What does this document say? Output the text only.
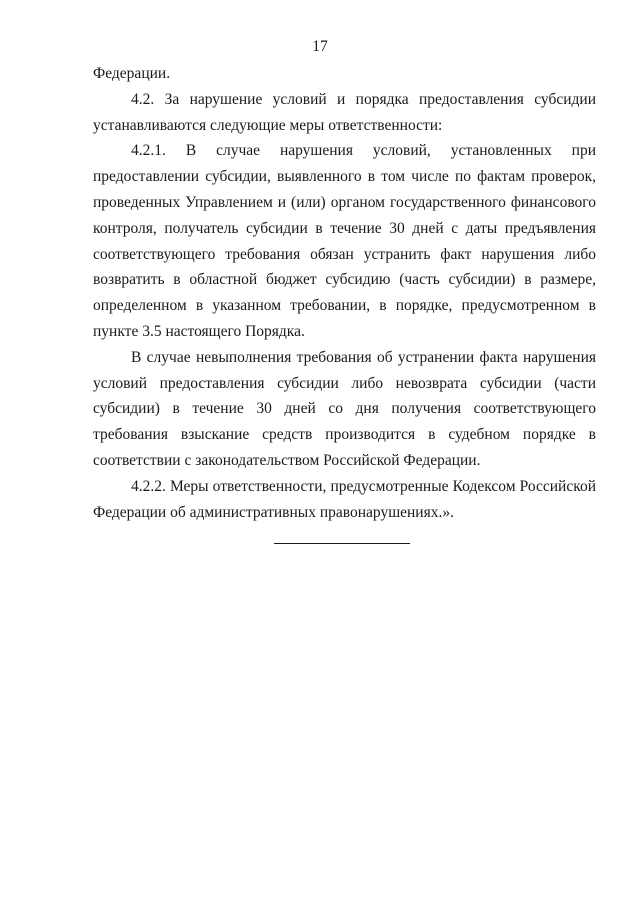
17

Федерации.

4.2. За нарушение условий и порядка предоставления субсидии устанавливаются следующие меры ответственности:

4.2.1. В случае нарушения условий, установленных при предоставлении субсидии, выявленного в том числе по фактам проверок, проведенных Управлением и (или) органом государственного финансового контроля, получатель субсидии в течение 30 дней с даты предъявления соответствующего требования обязан устранить факт нарушения либо возвратить в областной бюджет субсидию (часть субсидии) в размере, определенном в указанном требовании, в порядке, предусмотренном в пункте 3.5 настоящего Порядка.

В случае невыполнения требования об устранении факта нарушения условий предоставления субсидии либо невозврата субсидии (части субсидии) в течение 30 дней со дня получения соответствующего требования взыскание средств производится в судебном порядке в соответствии с законодательством Российской Федерации.

4.2.2. Меры ответственности, предусмотренные Кодексом Российской Федерации об административных правонарушениях.».
